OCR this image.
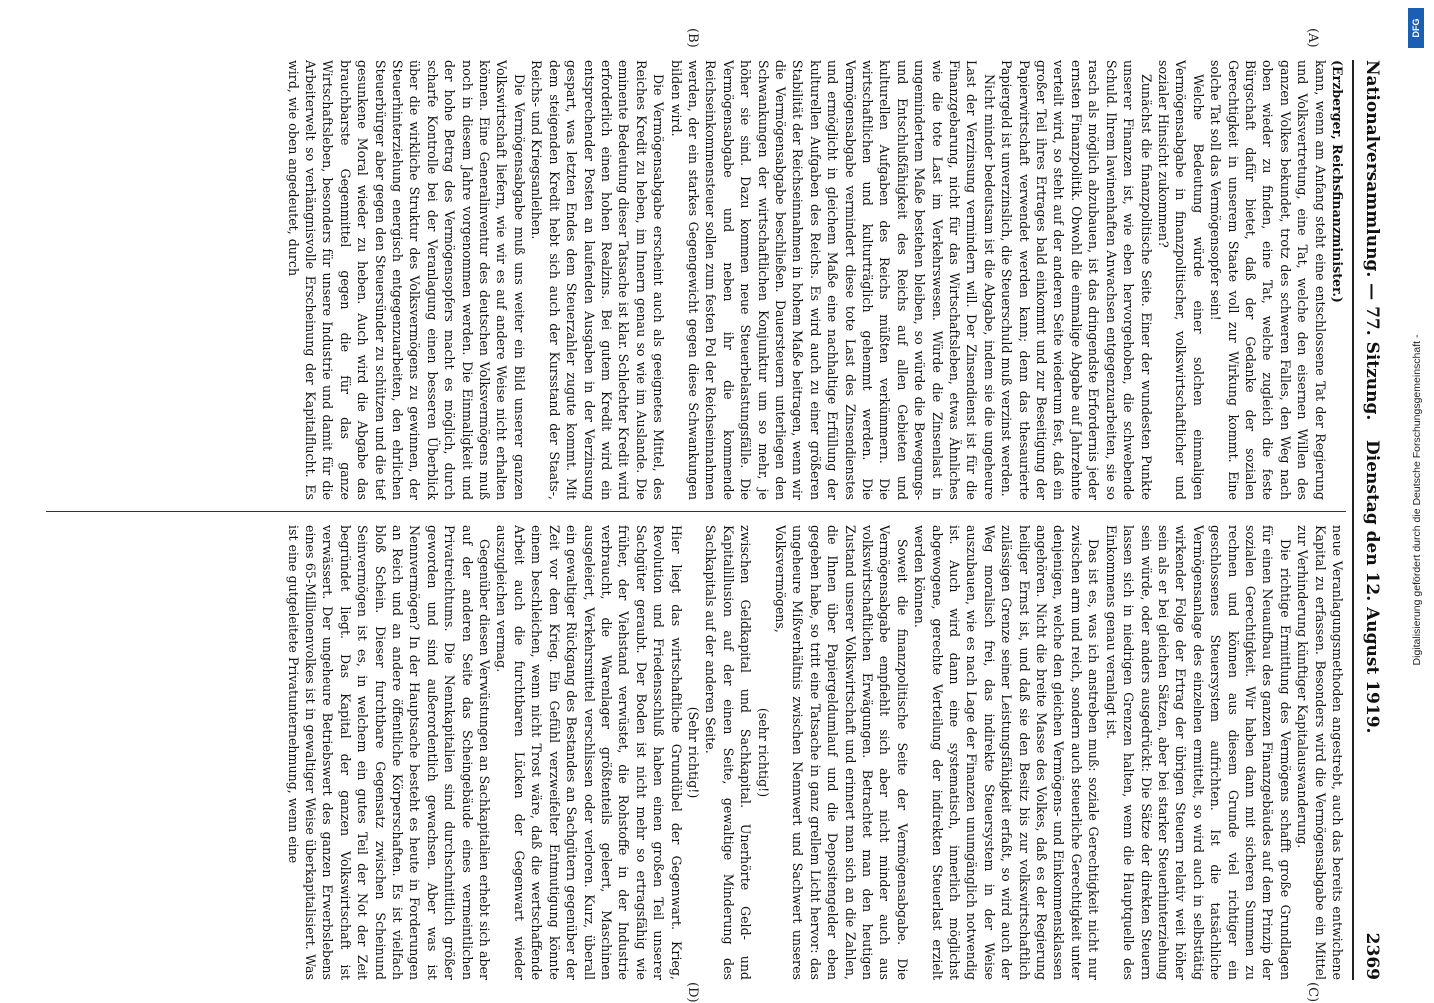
Nationalversammlung. — 77. Sitzung.
Dienstag den 12. August 1919.
2369
(A)
(B)
(C)
(D)

(Erzberger, Reichsfinanzminister.)

kann, wenn am Anfang steht eine entschlossene Tat der Regierung und Volksvertretung, eine Tat, welche den eisernen Willen des ganzen Volkes bekundet, trotz des schweren Falles, den Weg nach oben wieder zu finden, eine Tat, welche zugleich die feste Bürgschaft dafür bietet, daß der Gedanke der sozialen Gerechtigkeit in unserem Staate voll zur Wirkung kommt. Eine solche Tat soll das Vermögensopfer sein!

Welche Bedeutung würde einer solchen einmaligen Vermögensabgabe in finanzpolitischer, volkswirtschaftlicher und sozialer Hinsicht zukommen?

Zunächst die finanzpolitische Seite. Einer der wundesten Punkte unserer Finanzen ist, wie eben hervorgehoben, die schwebende Schuld. Ihrem lawinenhaften Anwachsen entgegenzuarbeiten, sie so rasch als möglich abzubauen, ist das dringendste Erfordernis jeder ernsten Finanzpolitik. Obwohl die einmalige Abgabe auf Jahrzehnte verteilt wird, so steht auf der anderen Seite wiederum fest, daß ein großer Teil ihres Ertrages bald einkommt und zur Beseitigung der Papierwirtschaft verwendet werden kann; denn das thesaurierte Papiergeld ist unverzinslich, die Steuerschuld muß verzinst werden.

Nicht minder bedeutsam ist die Abgabe, indem sie die ungeheure Last der Verzinsung vermindern will. Der Zinsendienst ist für die Finanzgebarung, nicht für das Wirtschaftsleben, etwas Ähnliches wie die tote Last im Verkehrswesen. Würde die Zinsenlast in ungemindertem Maße bestehen bleiben, so würde die Bewegungs- und Entschlußfähigkeit des Reichs auf allen Gebieten und kulturellen Aufgaben des Reichs müßten verkümmern. Die wirtschaftlichen und kulturträglich gehemmt werden. Die Vermögensabgabe vermindert diese tote Last des Zinsendienstes und ermöglicht in gleichem Maße eine nachhaltige Erfüllung der kulturellen Aufgaben des Reichs. Es wird auch zu einer größeren Stabilität der Reichseinnahmen in hohem Maße beitragen, wenn wir die Vermögensabgabe beschließen. Dauersteuern unterliegen den Schwankungen der wirtschaftlichen Konjunktur um so mehr, je höher sie sind. Dazu kommen neue Steuerbelastungsfälle. Die Vermögensabgabe und neben ihr die kommende Reichseinkommensteuer sollen zum festen Pol der Reichseinnahmen werden, der ein starkes Gegengewicht gegen diese Schwankungen bilden wird.

Die Vermögensabgabe erscheint auch als geeignetes Mittel, des Reiches Kredit zu heben, im Innern genau so wie im Auslande. Die eminente Bedeutung dieser Tatsache ist klar. Schlechter Kredit wird erforderlich einen hohen Realzins. Bei gutem Kredit wird ein entsprechender Posten an laufenden Ausgaben in der Verzinsung gespart, was letzten Endes dem Steuerzahler zugute kommt. Mit dem steigenden Kredit hebt sich auch der Kursstand der Staats-, Reichs- und Kriegsanleihen.

Die Vermögensabgabe muß uns weiter ein Bild unserer ganzen Volkswirtschaft liefern, wie wir es auf andere Weise nicht erhalten können. Eine Generalinventur des deutschen Volksvermögens muß noch in diesem Jahre vorgenommen werden. Die Einmaligkeit und der hohe Betrag des Vermögensopfers macht es möglich, durch scharfe Kontrolle bei der Veranlagung einen besseren Überblick über die wirkliche Struktur des Volksvermögens zu gewinnen, der Steuerhinterziehung energisch entgegenzuarbeiten, den ehrlichen Steuerbürger aber gegen den Steuersünder zu schützen und die tief gesunkene Moral wieder zu heben. Auch wird die Abgabe das brauchbarste Gegenmittel gegen die für das ganze Wirtschaftsleben, besonders für unsere Industrie und damit für die Arbeiterwelt so verhängnisvolle Erscheinung der Kapitalflucht. Es wird, wie oben angedeutet, durch

neue Veranlagungsmethoden angestrebt, auch das bereits entwichene Kapital zu erfassen. Besonders wird die Vermögensabgabe ein Mittel zur Verhinderung künftiger Kapitalauswanderung.

Die richtige Ermittlung des Vermögens schafft große Grundlagen für einen Neuaufbau des ganzen Finanzgebäudes auf dem Prinzip der sozialen Gerechtigkeit. Wir haben dann mit sicheren Summen zu rechnen und können aus diesem Grunde viel richtiger ein geschlossenes Steuersystem aufrichten. Ist die tatsächliche Vermögensanlage des einzelnen ermittelt, so wird auch in selbsttätig wirkender Folge der Ertrag der übrigen Steuern relativ weit höher sein als er bei gleichen Sätzen, aber bei starker Steuerhinterziehung sein würde, oder anders ausgedrückt: Die Sätze der direkten Steuern lassen sich in niedrigen Grenzen halten, wenn die Hauptquelle des Einkommens genau veranlagt ist.

Das ist es, was ich anstreben muß: soziale Gerechtigkeit nicht nur zwischen arm und reich, sondern auch steuerliche Gerechtigkeit unter denjenigen, welche den gleichen Vermögens- und Einkommensklassen angehören. Nicht die breite Masse des Volkes, daß es der Regierung heiliger Ernst ist, und daß sie den Besitz bis zur volkswirtschaftlich zulässigen Grenze seiner Leistungsfähigkeit erfaßt, so wird auch der Weg moralisch frei, das indirekte Steuersystem in der Weise auszubauen, wie es nach Lage der Finanzen unumgänglich notwendig ist. Auch wird dann eine systematisch, innerlich möglichst abgewogene, gerechte Verteilung der indirekten Steuerlast erzielt werden können.

Soweit die finanzpolitische Seite der Vermögensabgabe. Die Vermögensabgabe empfiehlt sich aber nicht minder auch aus volkswirtschaftlichen Erwägungen. Betrachtet man den heutigen Zustand unserer Volkswirtschaft und erinnert man sich an die Zahlen, die Ihnen über Papiergeldumlauf und die Depositengelder eben gegeben habe, so tritt eine Tatsache in ganz grellem Licht hervor: das ungeheure Mißverhältnis zwischen Nennwert und Sachwert unseres Volksvermögens,

(sehr richtig!)

zwischen Geldkapital und Sachkapital. Unerhörte Geld- und Kapitalillusion auf der einen Seite, gewaltige Minderung des Sachkapitals auf der anderen Seite.

(Sehr richtig!)

Hier liegt das wirtschaftliche Grundübel der Gegenwart. Krieg, Revolution und Friedensschluß haben einen großen Teil unserer Sachgüter geraubt. Der Boden ist nicht mehr so ertragsfähig wie früher, der Viehstand verwüstet, die Rohstoffe in der Industrie verbraucht, die Warenlager größtenteils geleert, Maschinen ausgeleiert, Verkehrsmittel verschlissen oder verloren. Kurz, überall ein gewaltiger Rückgang des Bestandes an Sachgütern gegenüber der Zeit vor dem Krieg. Ein Gefühl verzweifelter Entmutigung könnte einem beschleichen, wenn nicht Trost wäre, daß die wertschaffende Arbeit auch die furchtbaren Lücken der Gegenwart wieder auszugleichen vermag.

Gegenüber diesen Verwüstungen an Sachkapitalien erhebt sich aber auf der anderen Seite das Scheingebäude eines vermeintlichen Privatreichtums. Die Nennkapitalien sind durchschnittlich größer geworden und sind außerordentlich gewachsen. Aber was ist Nennvermögen? In der Hauptsache besteht es heute in Forderungen an Reich und an andere öffentliche Körperschaften. Es ist vielfach bloß Schein. Dieser furchtbare Gegensatz zwischen Scheinund Seinvermögen ist es, in welchem ein gutes Teil der Not der Zeit begründet liegt. Das Kapital der ganzen Volkswirtschaft ist verwässert. Der ungeheure Betriebswert des ganzen Erwerbslebens eines 65-Millionenvolkes ist in gewaltiger Weise überkapitalisiert. Was ist eine gutgeleitete Privatunternehmung, wenn eine

DFG
Digitalisierung gefördert durch die Deutsche Forschungsgemeinschaft -
